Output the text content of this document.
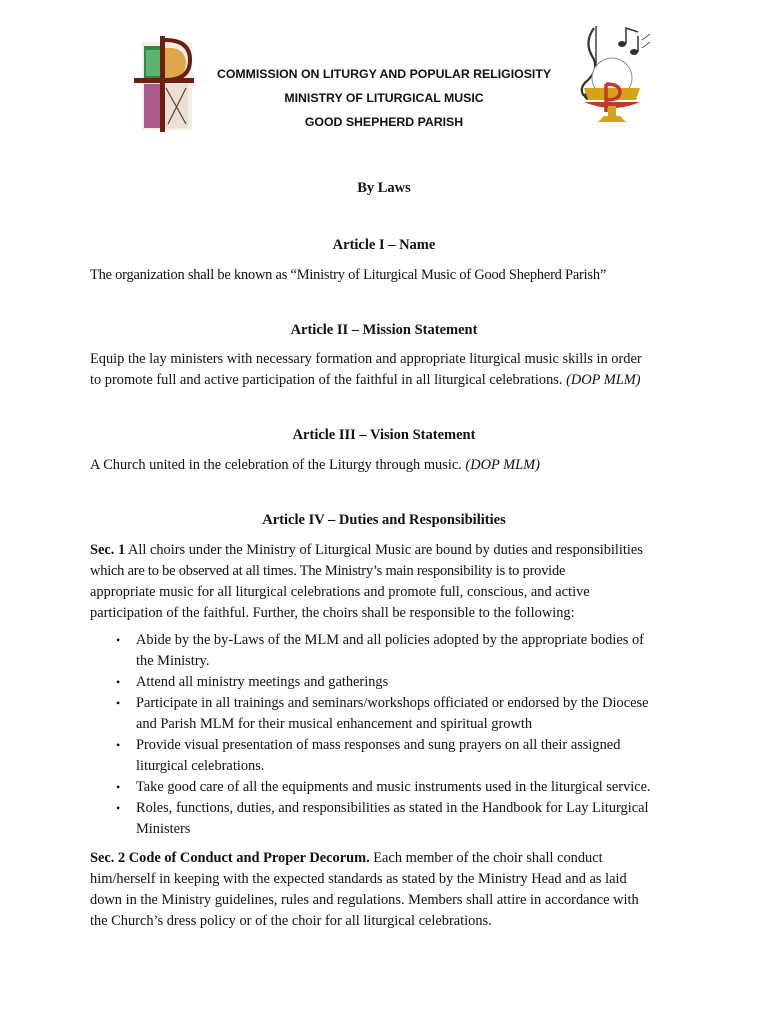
COMMISSION ON LITURGY AND POPULAR RELIGIOSITY
MINISTRY OF LITURGICAL MUSIC
GOOD SHEPHERD PARISH
By Laws
Article I – Name
The organization shall be known as “Ministry of Liturgical Music of Good Shepherd Parish”
Article II – Mission Statement
Equip the lay ministers with necessary formation and appropriate liturgical music skills in order
to promote full and active participation of the faithful in all liturgical celebrations. (DOP MLM)
Article III – Vision Statement
A Church united in the celebration of the Liturgy through music. (DOP MLM)
Article IV – Duties and Responsibilities
Sec. 1 All choirs under the Ministry of Liturgical Music are bound by duties and responsibilities
which are to be observed at all times. The Ministry’s main responsibility is to provide
appropriate music for all liturgical celebrations and promote full, conscious, and active
participation of the faithful. Further, the choirs shall be responsible to the following:
• Abide by the by-Laws of the MLM and all policies adopted by the appropriate bodies of
the Ministry.
• Attend all ministry meetings and gatherings
• Participate in all trainings and seminars/workshops officiated or endorsed by the Diocese
and Parish MLM for their musical enhancement and spiritual growth
• Provide visual presentation of mass responses and sung prayers on all their assigned
liturgical celebrations.
• Take good care of all the equipments and music instruments used in the liturgical service.
• Roles, functions, duties, and responsibilities as stated in the Handbook for Lay Liturgical
Ministers
Sec. 2 Code of Conduct and Proper Decorum. Each member of the choir shall conduct
him/herself in keeping with the expected standards as stated by the Ministry Head and as laid
down in the Ministry guidelines, rules and regulations. Members shall attire in accordance with
the Church’s dress policy or of the choir for all liturgical celebrations.
